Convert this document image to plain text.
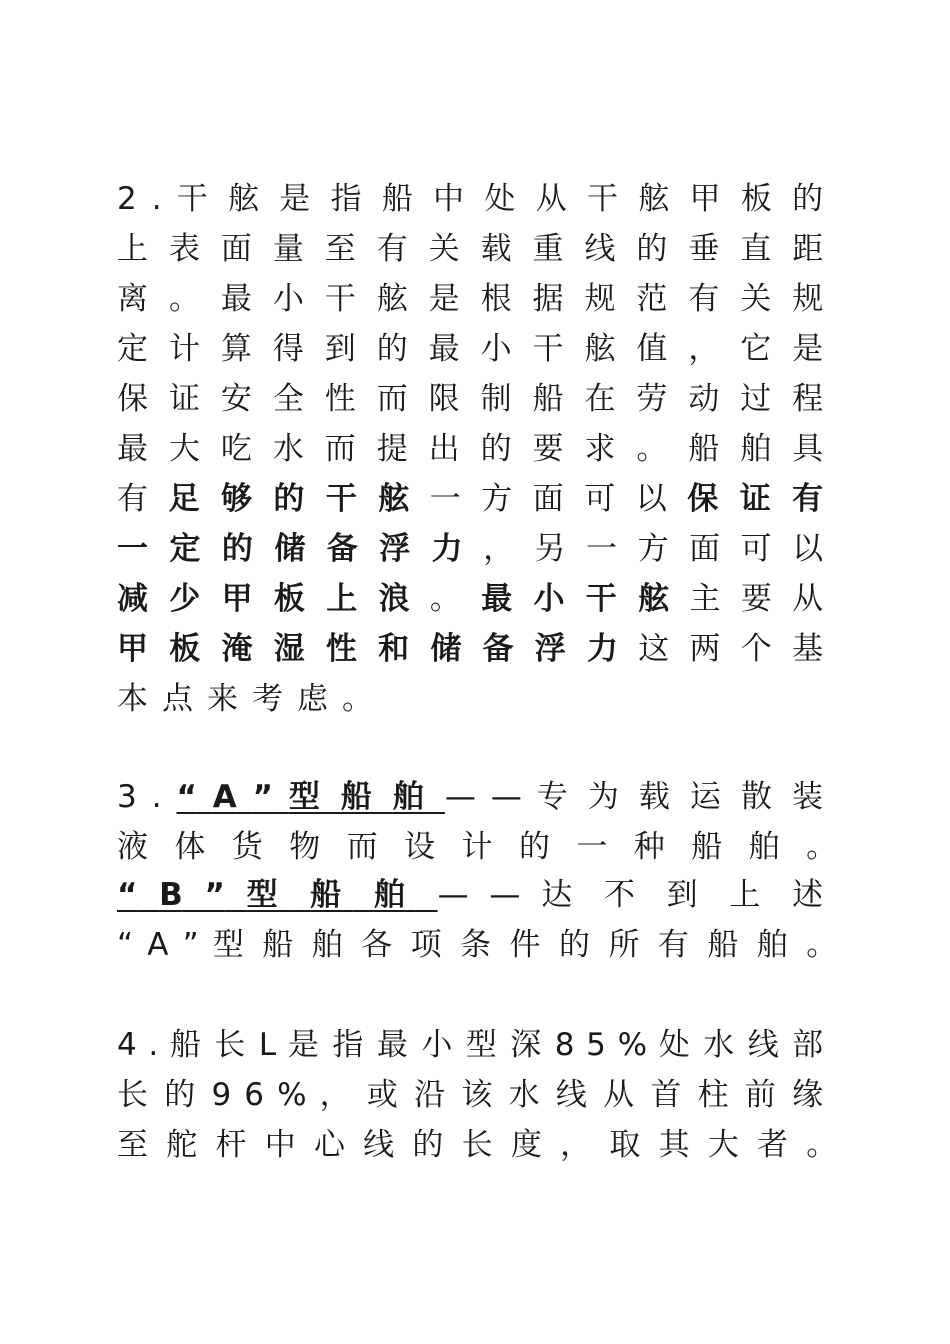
2 . 干 舷 是 指 船 中 处 从 干 舷 甲 板 的
上 表 面 量 至 有 关 载 重 线 的 垂 直 距
离 。 最 小 干 舷 是 根 据 规 范 有 关 规
定 计 算 得 到 的 最 小 干 舷 值 ， 它 是
保 证 安 全 性 而 限 制 船 在 劳 动 过 程
最 大 吃 水 而 提 出 的 要 求 。 船 舶 具
有 足 够 的 干 舷 一 方 面 可 以 保 证 有
一 定 的 储 备 浮 力 ， 另 一 方 面 可 以
减 少 甲 板 上 浪 。 最 小 干 舷 主 要 从
甲 板 淹 湿 性 和 储 备 浮 力 这 两 个 基
本点来考虑。
3 . “ A ” 型 船 舶 — — 专 为 载 运 散 装
液 体 货 物 而 设 计 的 一 种 船 舶 。
“ B ” 型 船 舶 — — 达 不 到 上 述
“ A ” 型 船 舶 各 项 条 件 的 所 有 船 舶 。
4 . 船 长 L 是 指 最 小 型 深 8 5 % 处 水 线 部
长 的 9 6 % ， 或 沿 该 水 线 从 首 柱 前 缘
至 舵 杆 中 心 线 的 长 度 ， 取 其 大 者 。
